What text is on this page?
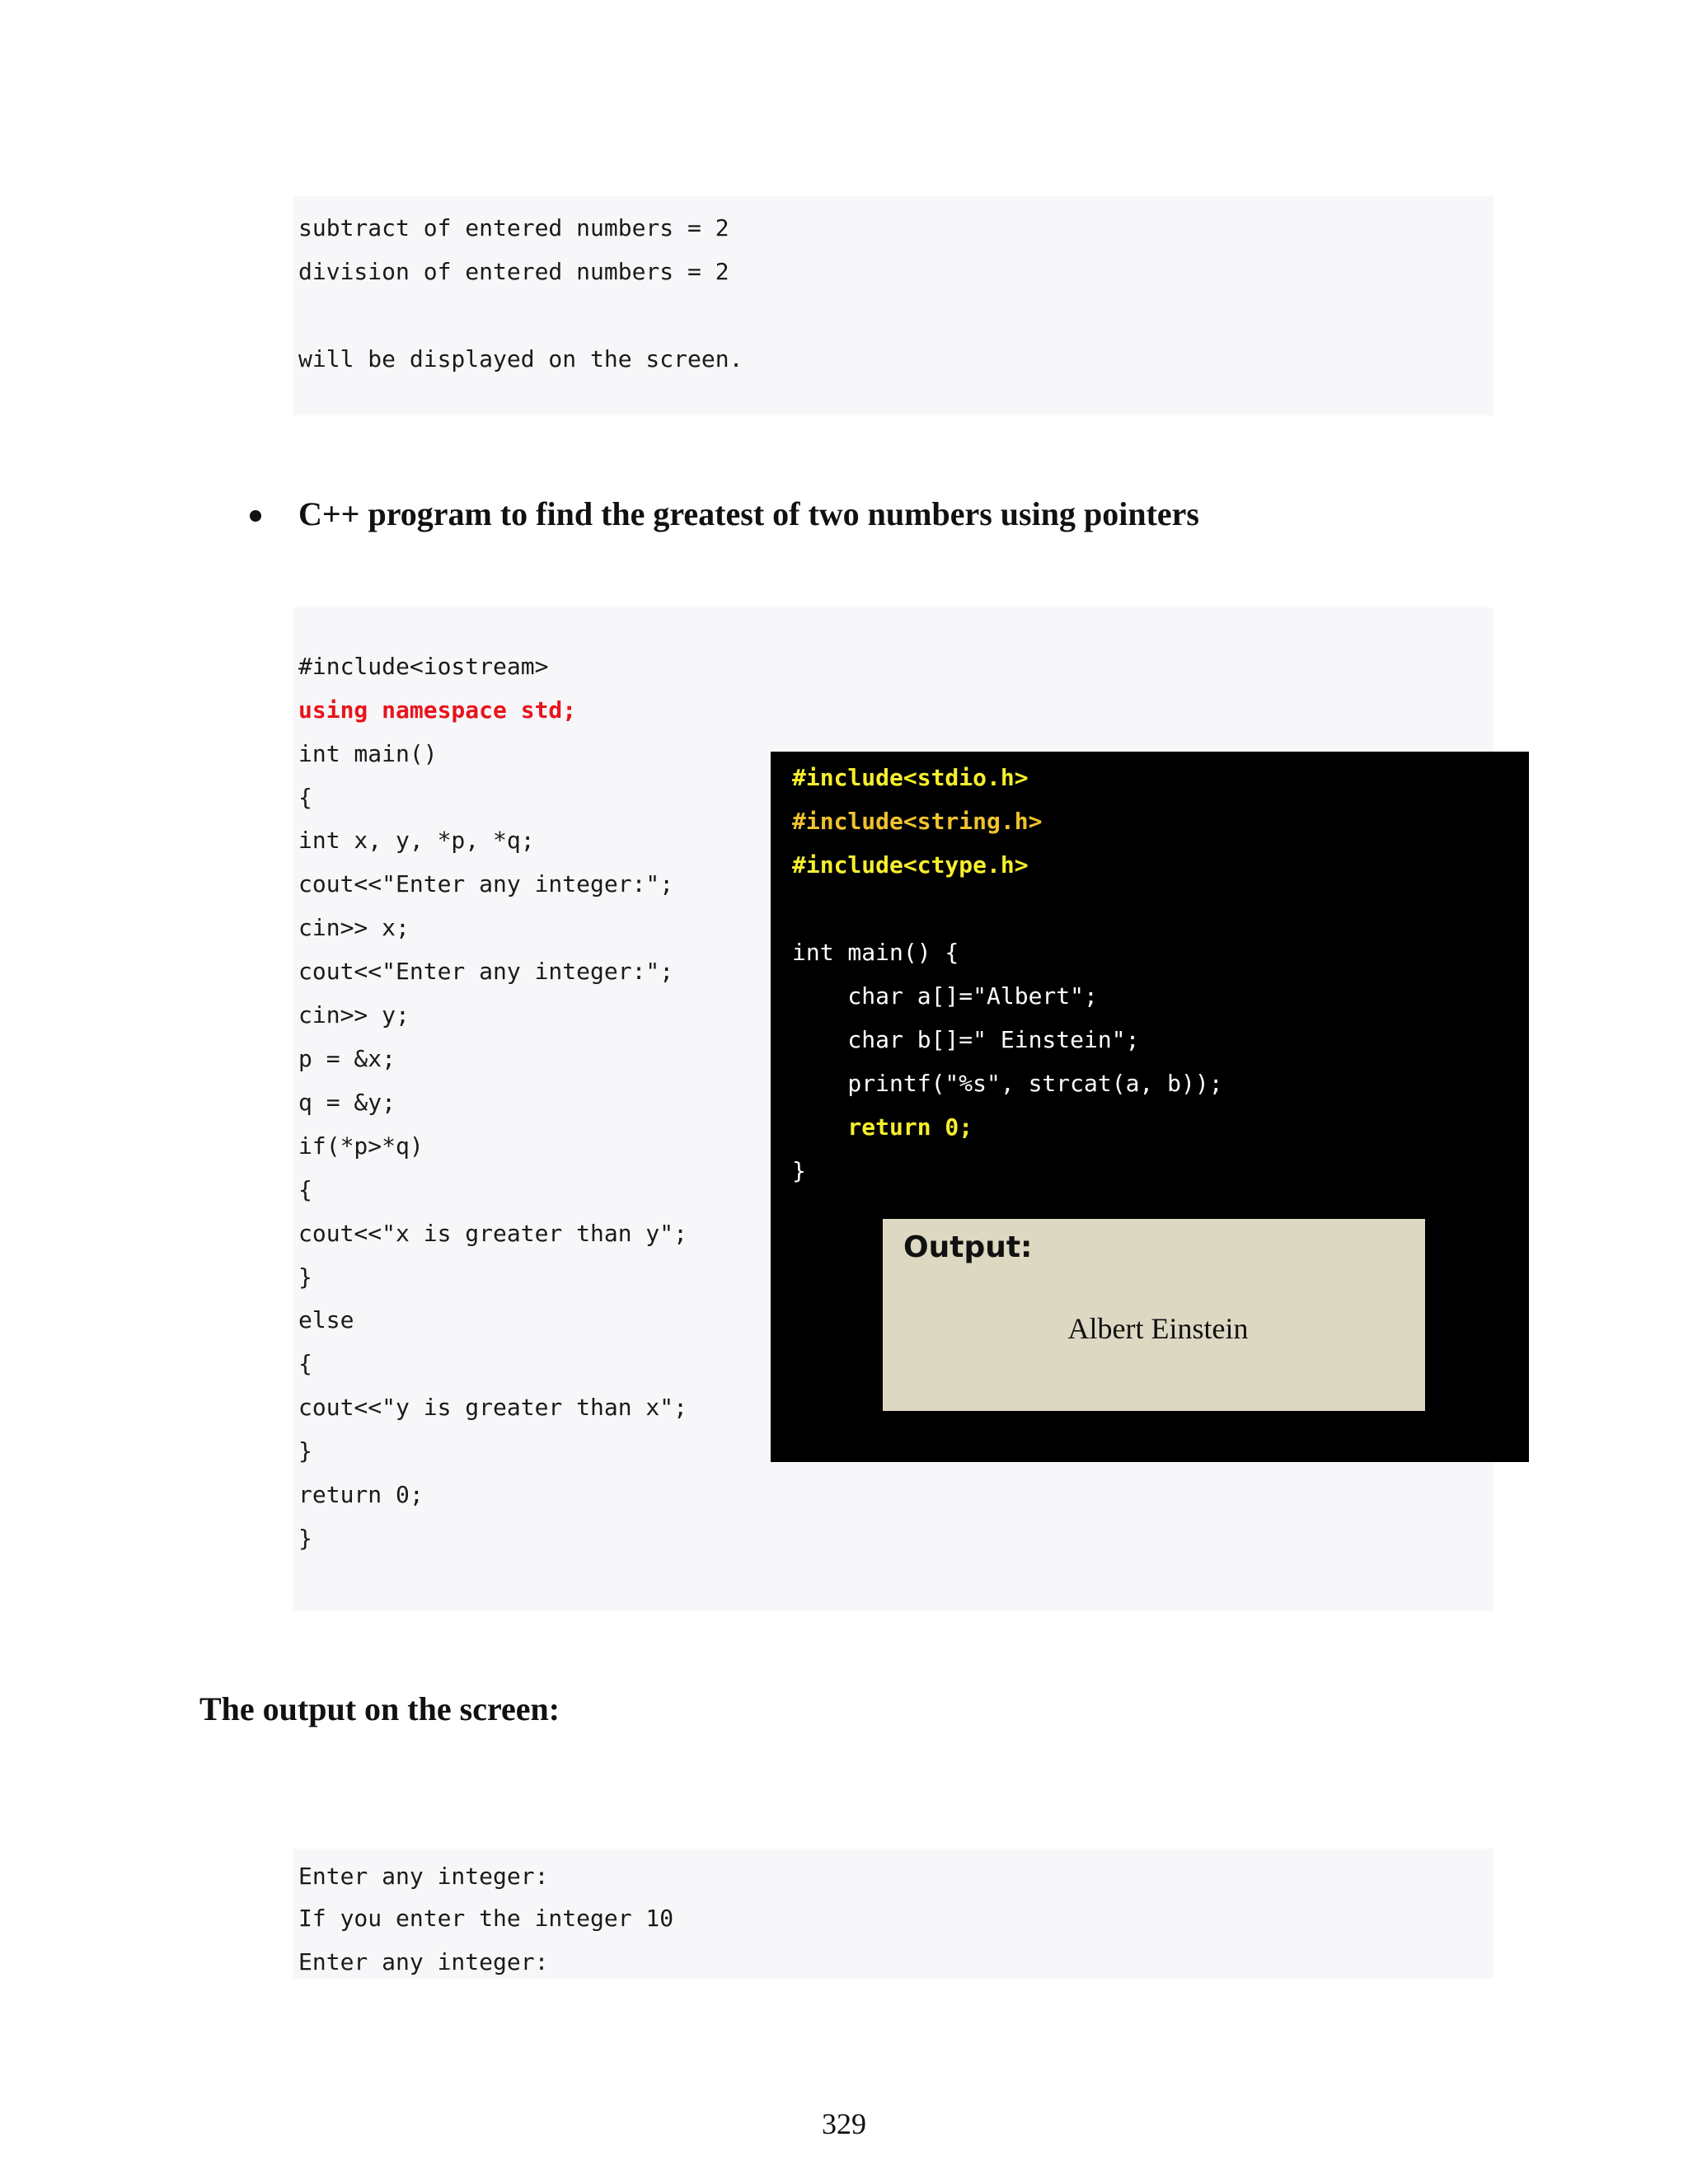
subtract of entered numbers = 2
division of entered numbers = 2
will be displayed on the screen.
C++ program to find the greatest of two numbers using pointers
#include<iostream>
using namespace std;
int main()
{
int x, y, *p, *q;
cout<<"Enter any integer:";
cin>> x;
cout<<"Enter any integer:";
cin>> y;
p = &x;
q = &y;
if(*p>*q)
{
cout<<"x is greater than y";
}
else
{
cout<<"y is greater than x";
}
return 0;
}
#include<stdio.h>
#include<string.h>
#include<ctype.h>
int main() {
char a[]="Albert";
char b[]=" Einstein";
printf("%s", strcat(a, b));
return 0;
}
Output:
Albert Einstein
The output on the screen:
Enter any integer:
If you enter the integer 10
Enter any integer:
329
